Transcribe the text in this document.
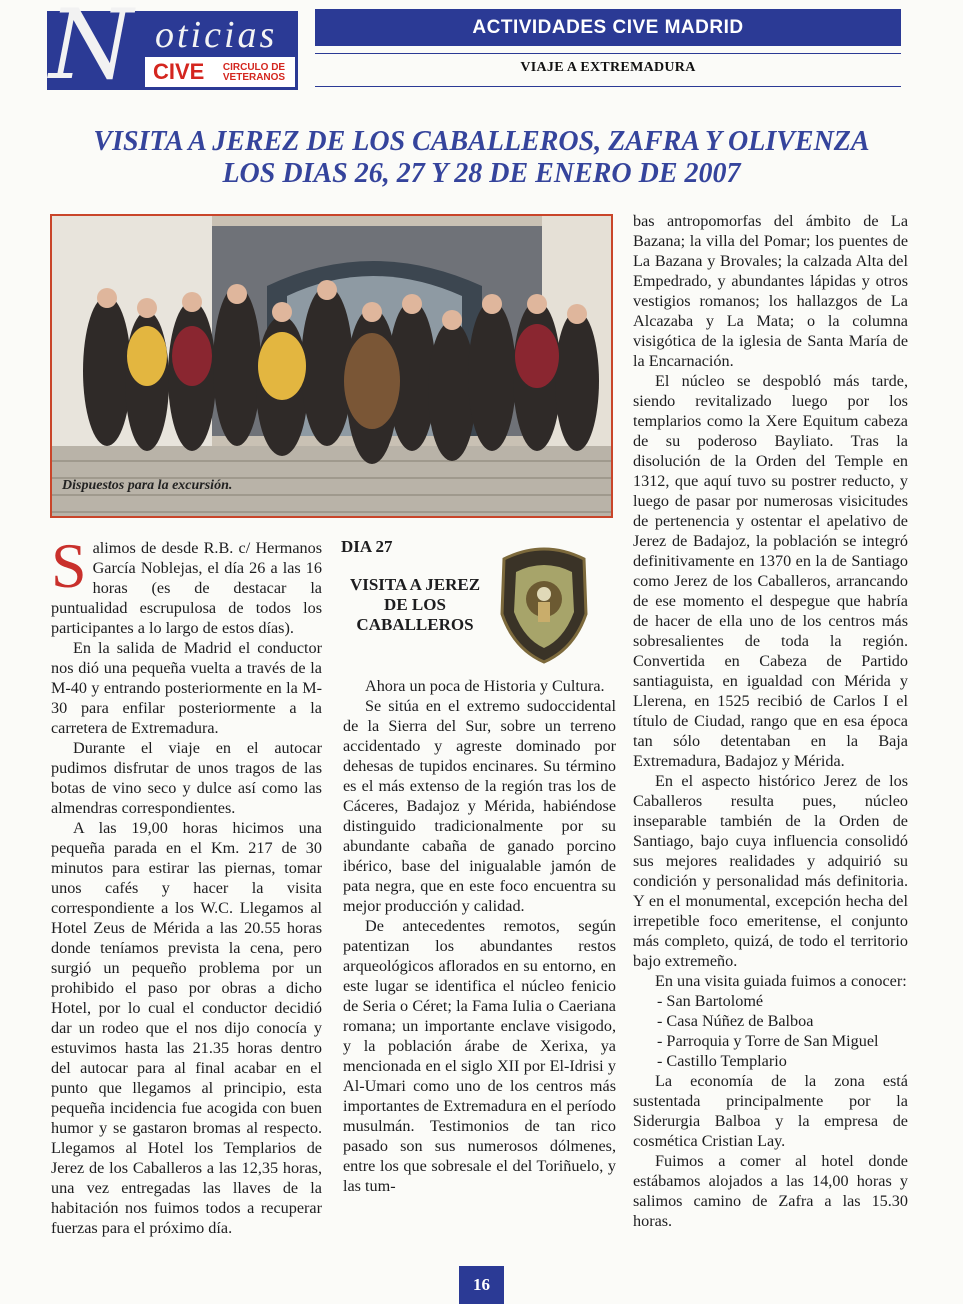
N oticias
CIVE	CIRCULO DE VETERANOS
ACTIVIDADES CIVE MADRID
VIAJE A EXTREMADURA
VISITA A JEREZ DE LOS CABALLEROS, ZAFRA Y OLIVENZA
LOS DIAS 26, 27 Y 28 DE ENERO DE 2007
Dispuestos para la excursión.

Salimos de desde R.B. c/ Hermanos García Noblejas, el día 26 a las 16 horas (es de destacar la puntualidad escrupulosa de todos los participantes a lo largo de estos días).

En la salida de Madrid el conductor nos dió una pequeña vuelta a través de la M-40 y entrando posteriormente en la M-30 para enfilar posteriormente a la carretera de Extremadura.

Durante el viaje en el autocar pudimos disfrutar de unos tragos de las botas de vino seco y dulce así como las almendras correspondientes.

A las 19,00 horas hicimos una pequeña parada en el Km. 217 de 30 minutos para estirar las piernas, tomar unos cafés y hacer la visita correspondiente a los W.C. Llegamos al Hotel Zeus de Mérida a las 20.55 horas donde teníamos prevista la cena, pero surgió un pequeño problema por un prohibido el paso por obras a dicho Hotel, por lo cual el conductor decidió dar un rodeo que el nos dijo conocía y estuvimos hasta las 21.35 horas dentro del autocar para al final acabar en el punto que llegamos al principio, esta pequeña incidencia fue acogida con buen humor y se gastaron bromas al respecto. Llegamos al Hotel los Templarios de Jerez de los Caballeros a las 12,35 horas, una vez entregadas las llaves de la habitación nos fuimos todos a recuperar fuerzas para el próximo día.

DIA 27
VISITA A JEREZ DE LOS CABALLEROS

Ahora un poca de Historia y Cultura.

Se sitúa en el extremo sudoccidental de la Sierra del Sur, sobre un terreno accidentado y agreste dominado por dehesas de tupidos encinares. Su término es el más extenso de la región tras los de Cáceres, Badajoz y Mérida, habiéndose distinguido tradicionalmente por su abundante cabaña de ganado porcino ibérico, base del inigualable jamón de pata negra, que en este foco encuentra su mejor producción y calidad.

De antecedentes remotos, según patentizan los abundantes restos arqueológicos aflorados en su entorno, en este lugar se identifica el núcleo fenicio de Seria o Céret; la Fama Iulia o Caeriana romana; un importante enclave visigodo, y la población árabe de Xerixa, ya mencionada en el siglo XII por El-Idrisi y Al-Umari como uno de los centros más importantes de Extremadura en el período musulmán. Testimonios de tan rico pasado son sus numerosos dólmenes, entre los que sobresale el del Toriñuelo, y las tum-

bas antropomorfas del ámbito de La Bazana; la villa del Pomar; los puentes de La Bazana y Brovales; la calzada Alta del Empedrado, y abundantes lápidas y otros vestigios romanos; los hallazgos de La Alcazaba y La Mata; o la columna visigótica de la iglesia de Santa María de la Encarnación.

El núcleo se despobló más tarde, siendo revitalizado luego por los templarios como la Xere Equitum cabeza de su poderoso Bayliato. Tras la disolución de la Orden del Temple en 1312, que aquí tuvo su postrer reducto, y luego de pasar por numerosas visicitudes de pertenencia y ostentar el apelativo de Jerez de Badajoz, la población se integró definitivamente en 1370 en la de Santiago como Jerez de los Caballeros, arrancando de ese momento el despegue que habría de hacer de ella uno de los centros más sobresalientes de toda la región. Convertida en Cabeza de Partido santiaguista, en igualdad con Mérida y Llerena, en 1525 recibió de Carlos I el título de Ciudad, rango que en esa época tan sólo detentaban en la Baja Extremadura, Badajoz y Mérida.

En el aspecto histórico Jerez de los Caballeros resulta pues, núcleo inseparable también de la Orden de Santiago, bajo cuya influencia consolidó sus mejores realidades y adquirió su condición y personalidad más definitoria. Y en el monumental, excepción hecha del irrepetible foco emeritense, el conjunto más completo, quizá, de todo el territorio bajo extremeño.

En una visita guiada fuimos a conocer:

- San Bartolomé
- Casa Núñez de Balboa
- Parroquia y Torre de San Miguel
- Castillo Templario

La economía de la zona está sustentada principalmente por la Siderurgia Balboa y la empresa de cosmética Cristian Lay.

Fuimos a comer al hotel donde estábamos alojados a las 14,00 horas y salimos camino de Zafra a las 15.30 horas.

16
